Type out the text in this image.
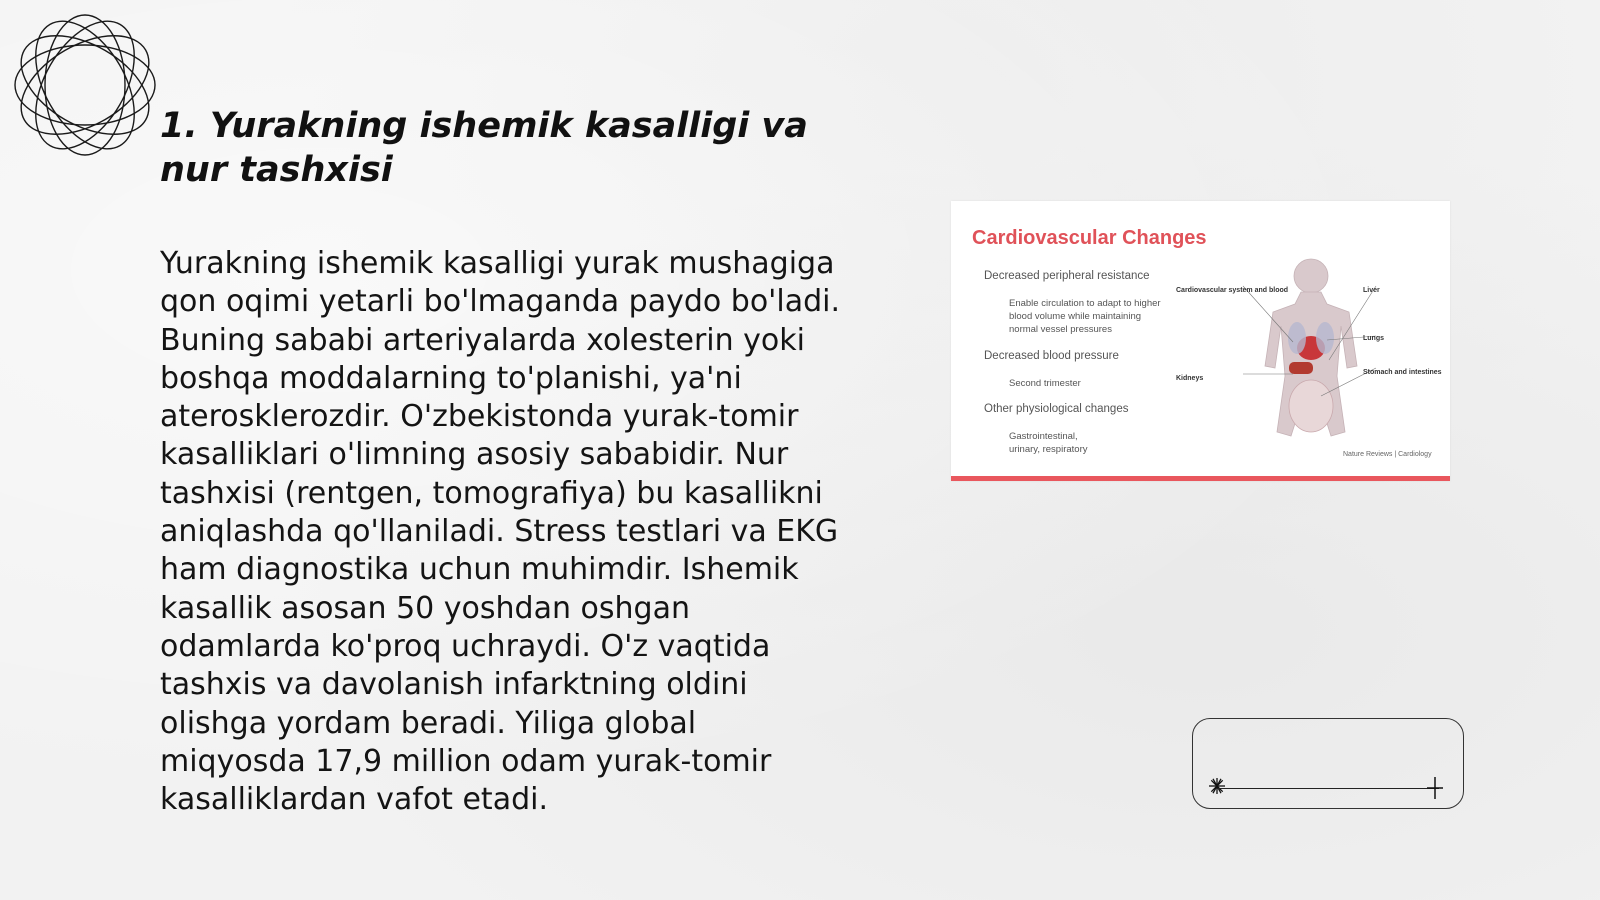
1. Yurakning ishemik kasalligi va nur tashxisi

Yurakning ishemik kasalligi yurak mushagiga qon oqimi yetarli bo'lmaganda paydo bo'ladi. Buning sababi arteriyalarda xolesterin yoki boshqa moddalarning to'planishi, ya'ni aterosklerozdir. O'zbekistonda yurak-tomir kasalliklari o'limning asosiy sababidir. Nur tashxisi (rentgen, tomografiya) bu kasallikni aniqlashda qo'llaniladi. Stress testlari va EKG ham diagnostika uchun muhimdir. Ishemik kasallik asosan 50 yoshdan oshgan odamlarda ko'proq uchraydi. O'z vaqtida tashxis va davolanish infarktning oldini olishga yordam beradi. Yiliga global miqyosda 17,9 million odam yurak-tomir kasalliklardan vafot etadi.

Cardiovascular Changes
Decreased peripheral resistance
Enable circulation to adapt to higher blood volume while maintaining normal vessel pressures
Decreased blood pressure
Second trimester
Other physiological changes
Gastrointestinal, urinary, respiratory
Cardiovascular system and blood	Liver
Lungs
Kidneys
Stomach and intestines
Nature Reviews | Cardiology
